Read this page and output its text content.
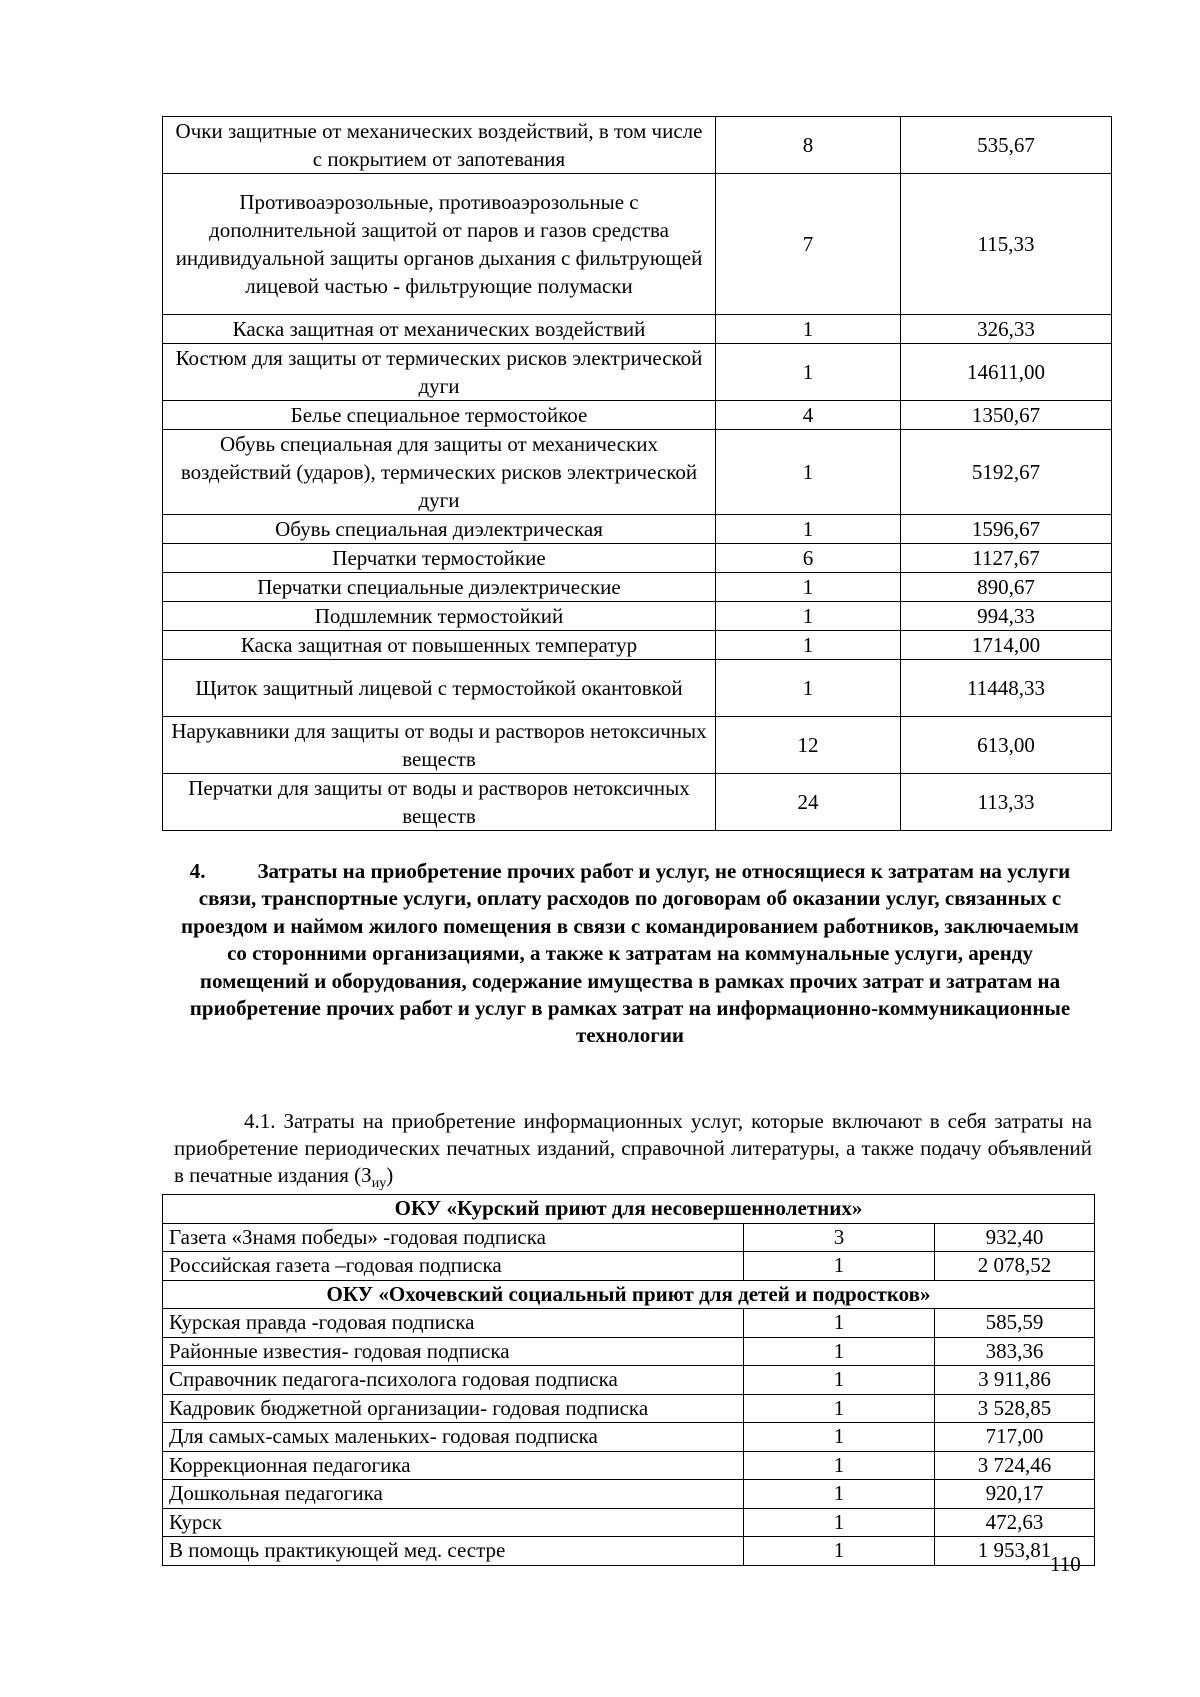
Очки защитные от механических воздействий, в том числе с покрытием от запотевания	8	535,67
Противоаэрозольные, противоаэрозольные с дополнительной защитой от паров и газов средства индивидуальной защиты органов дыхания с фильтрующей лицевой частью - фильтрующие полумаски	7	115,33
Каска защитная от механических воздействий	1	326,33
Костюм для защиты от термических рисков электрической дуги	1	14611,00
Белье специальное термостойкое	4	1350,67
Обувь специальная для защиты от механических воздействий (ударов), термических рисков электрической дуги	1	5192,67
Обувь специальная диэлектрическая	1	1596,67
Перчатки термостойкие	6	1127,67
Перчатки специальные диэлектрические	1	890,67
Подшлемник термостойкий	1	994,33
Каска защитная от повышенных температур	1	1714,00
Щиток защитный лицевой с термостойкой окантовкой	1	11448,33
Нарукавники для защиты от воды и растворов нетоксичных веществ	12	613,00
Перчатки для защиты от воды и растворов нетоксичных веществ	24	113,33
4. Затраты на приобретение прочих работ и услуг, не относящиеся к затратам на услуги связи, транспортные услуги, оплату расходов по договорам об оказании услуг, связанных с проездом и наймом жилого помещения в связи с командированием работников, заключаемым со сторонними организациями, а также к затратам на коммунальные услуги, аренду помещений и оборудования, содержание имущества в рамках прочих затрат и затратам на приобретение прочих работ и услуг в рамках затрат на информационно-коммуникационные технологии
4.1. Затраты на приобретение информационных услуг, которые включают в себя затраты на приобретение периодических печатных изданий, справочной литературы, а также подачу объявлений в печатные издания $(З_{иу})$
ОКУ «Курский приют для несовершеннолетних»		
Газета «Знамя победы» -годовая подписка	3	932,40
Российская газета –годовая подписка	1	2 078,52
ОКУ «Охочевский социальный приют для детей и подростков»		
Курская правда -годовая подписка	1	585,59
Районные известия- годовая подписка	1	383,36
Справочник педагога-психолога годовая подписка	1	3 911,86
Кадровик бюджетной организации- годовая подписка	1	3 528,85
Для самых-самых маленьких- годовая подписка	1	717,00
Коррекционная педагогика	1	3 724,46
Дошкольная педагогика	1	920,17
Курск	1	472,63
В помощь практикующей мед. сестре	1	1 953,81
110
